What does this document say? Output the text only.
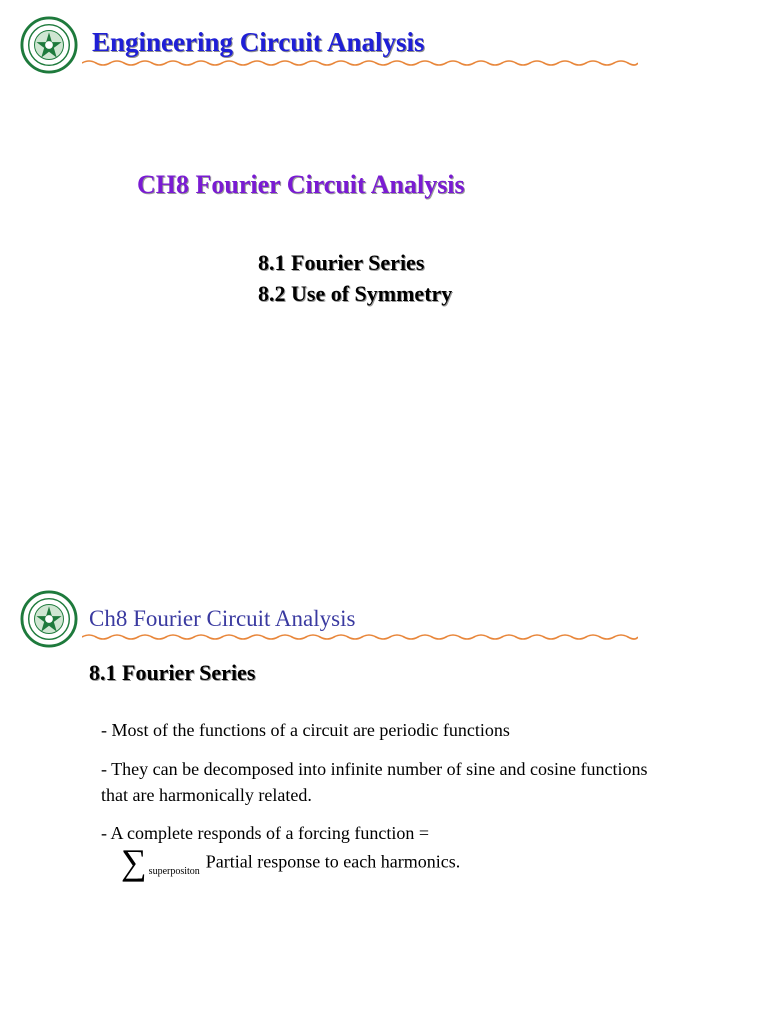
Engineering Circuit Analysis
CH8 Fourier Circuit Analysis
8.1 Fourier Series
8.2 Use of Symmetry
Ch8 Fourier Circuit Analysis
8.1 Fourier Series
- Most of the functions of a circuit are periodic functions
- They can be decomposed into infinite number of sine and cosine functions that are harmonically related.
- A complete responds of a forcing function =
∑ $_{superpositon}$Partial response to each harmonics.
